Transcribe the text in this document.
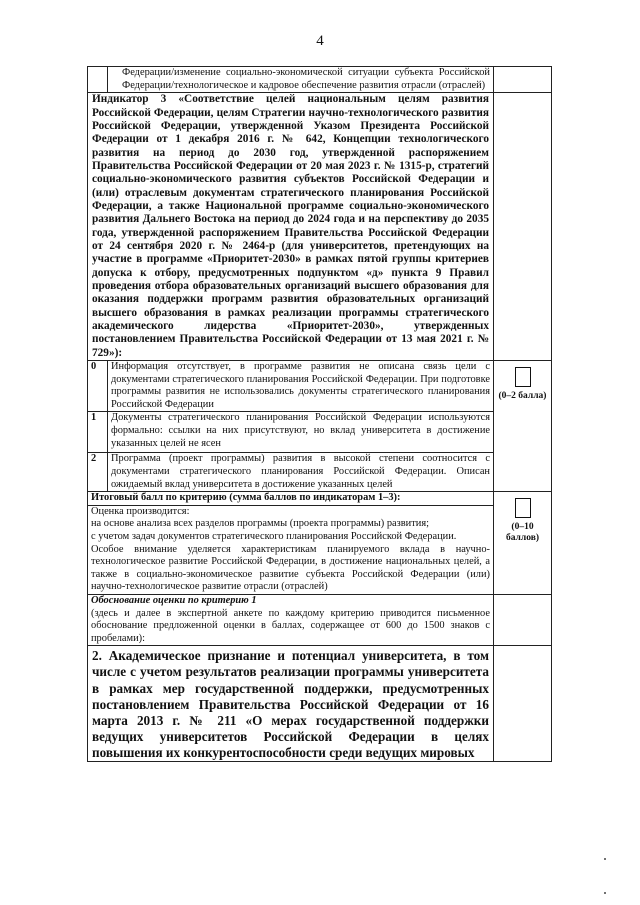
4
	Федерации/изменение социально-экономической ситуации субъекта Российской Федерации/технологическое и кадровое обеспечение развития отрасли (отраслей)	
Индикатор 3 «Соответствие целей национальным целям развития Российской Федерации, целям Стратегии научно-технологического развития Российской Федерации, утвержденной Указом Президента Российской Федерации от 1 декабря 2016 г. № 642, Концепции технологического развития на период до 2030 год, утвержденной распоряжением Правительства Российской Федерации от 20 мая 2023 г. № 1315-р, стратегий социально-экономического развития субъектов Российской Федерации и (или) отраслевым документам стратегического планирования Российской Федерации, а также Национальной программе социально-экономического развития Дальнего Востока на период до 2024 года и на перспективу до 2035 года, утвержденной распоряжением Правительства Российской Федерации от 24 сентября 2020 г. № 2464-р (для университетов, претендующих на участие в программе «Приоритет-2030» в рамках пятой группы критериев допуска к отбору, предусмотренных подпунктом «д» пункта 9 Правил проведения отбора образовательных организаций высшего образования для оказания поддержки программ развития образовательных организаций высшего образования в рамках реализации программы стратегического академического лидерства «Приоритет-2030», утвержденных постановлением Правительства Российской Федерации от 13 мая 2021 г. № 729»):		
0	Информация отсутствует, в программе развития не описана связь цели с документами стратегического планирования Российской Федерации. При подготовке программы развития не использовались документы стратегического планирования Российской Федерации	(0–2 балла)

1	Документы стратегического планирования Российской Федерации используются формально: ссылки на них присутствуют, но вклад университета в достижение указанных целей не ясен	
2	Программа (проект программы) развития в высокой степени соотносится с документами стратегического планирования Российской Федерации. Описан ожидаемый вклад университета в достижение указанных целей	
Итоговый балл по критерию (сумма баллов по индикаторам 1–3):		(0–10 баллов)

Оценка производится:
на основе анализа всех разделов программы (проекта программы) развития;
с учетом задач документов стратегического планирования Российской Федерации.
Особое внимание уделяется характеристикам планируемого вклада в научно-технологическое развитие Российской Федерации, в достижение национальных целей, а также в социально-экономическое развитие субъекта Российской Федерации (или) научно-технологическое развитие отрасли (отраслей)		

Обоснование оценки по критерию 1
(здесь и далее в экспертной анкете по каждому критерию приводится письменное обоснование предложенной оценки в баллах, содержащее от 600 до 1500 знаков с пробелами):		

2. Академическое признание и потенциал университета, в том числе с учетом результатов реализации программы университета в рамках мер государственной поддержки, предусмотренных постановлением Правительства Российской Федерации от 16 марта 2013 г. № 211 «О мерах государственной поддержки ведущих университетов Российской Федерации в целях повышения их конкурентоспособности среди ведущих мировых		
